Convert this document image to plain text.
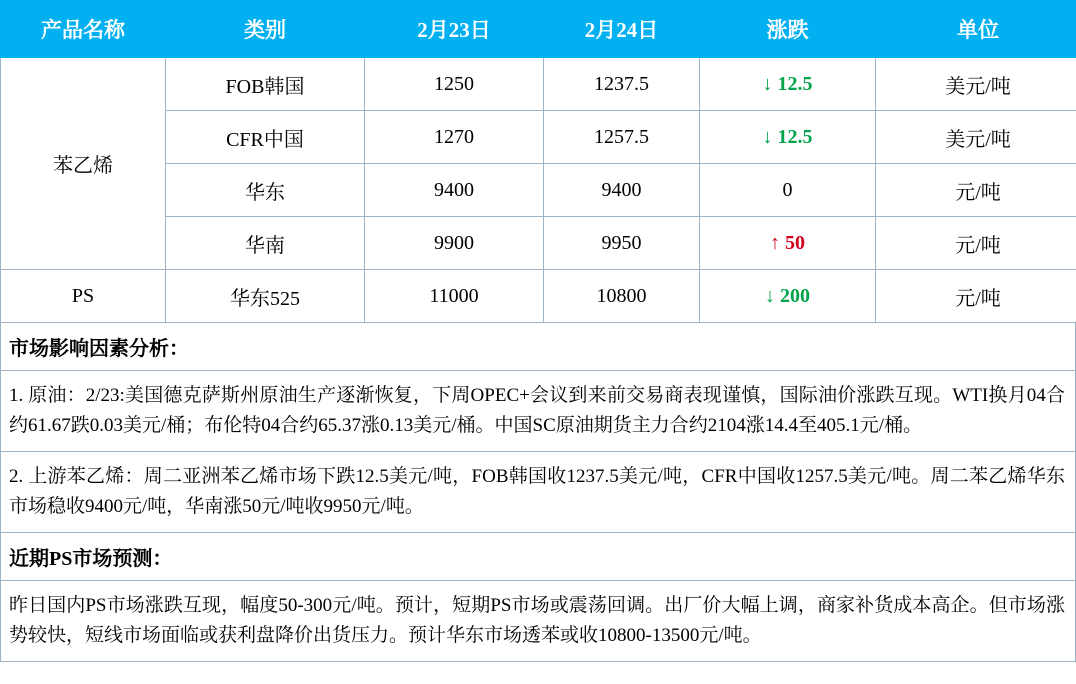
产品名称	类别	2月23日	2月24日	涨跌	单位
苯乙烯	FOB韩国	1250	1237.5	↓ 12.5	美元/吨
	CFR中国	1270	1257.5	↓ 12.5	美元/吨
	华东	9400	9400	0	元/吨
	华南	9900	9950	↑ 50	元/吨
PS	华东525	11000	10800	↓ 200	元/吨
市场影响因素分析：
1. 原油：2/23:美国德克萨斯州原油生产逐渐恢复，下周OPEC+会议到来前交易商表现谨慎，国际油价涨跌互现。WTI换月04合约61.67跌0.03美元/桶；布伦特04合约65.37涨0.13美元/桶。中国SC原油期货主力合约2104涨14.4至405.1元/桶。
2. 上游苯乙烯：周二亚洲苯乙烯市场下跌12.5美元/吨，FOB韩国收1237.5美元/吨，CFR中国收1257.5美元/吨。周二苯乙烯华东市场稳收9400元/吨，华南涨50元/吨收9950元/吨。
近期PS市场预测：
昨日国内PS市场涨跌互现，幅度50-300元/吨。预计，短期PS市场或震荡回调。出厂价大幅上调，商家补货成本高企。但市场涨势较快，短线市场面临或获利盘降价出货压力。预计华东市场透苯或收10800-13500元/吨。
